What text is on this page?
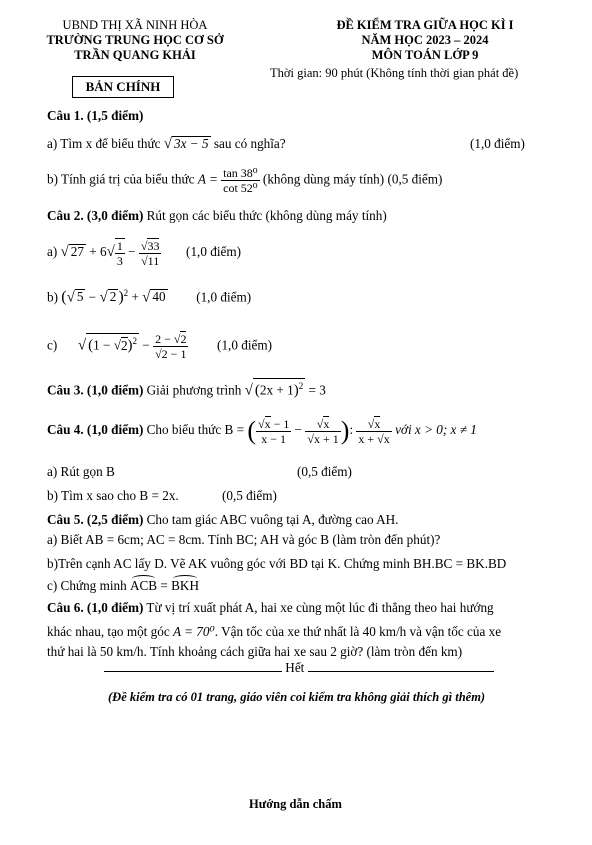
UBND THỊ XÃ NINH HÒA
TRƯỜNG TRUNG HỌC CƠ SỞ
TRẦN QUANG KHẢI
ĐỀ KIỂM TRA GIỮA HỌC KÌ I
NĂM HỌC 2023 – 2024
MÔN TOÁN LỚP 9
Thời gian: 90 phút (Không tính thời gian phát đề)
BẢN CHÍNH
Câu 1. (1,5 điểm)
a) Tìm x để biểu thức √ 3x − 5 sau có nghĩa?	(1,0 điểm)
b) Tính giá trị của biểu thức $A = \frac{\text{tan 38⁰}}{\text{cot 52⁰}}$ (không dùng máy tính) (0,5 điểm)
Câu 2. (3,0 điểm) Rút gọn các biểu thức (không dùng máy tính)
a) √ $27 + 6√ \frac{1}{3} - \frac{√33}{√11} (1,0$ điểm)
b) (√ 5 − √ 2 )$^2$ + √ 40 (1,0 điểm)
c) √ $(1 - √2)^2 - \frac{2 - √2}{√2 - 1} (1,0$ điểm)
Câu 3. (1,0 điểm) Giải phương trình √ $(2x + 1)^2 = 3$
Câu 4. (1,0 điểm) Cho biểu thức B = ( $\frac{√x - 1}{x - 1} - \frac{√x}{√x + 1}$ ): $\frac{√x}{x + √x}$ với x > 0; x ≠ 1
a) Rút gọn B	(0,5 điểm)
b) Tìm x sao cho B = 2x.	(0,5 điểm)
Câu 5. (2,5 điểm) Cho tam giác ABC vuông tại A, đường cao AH.
a) Biết AB = 6cm; AC = 8cm. Tính BC; AH và góc B (làm tròn đến phút)?
b)Trên cạnh AC lấy D. Vẽ AK vuông góc với BD tại K. Chứng minh BH.BC = BK.BD
c) Chứng minh ACB =
BKH
Câu 6. (1,0 điểm) Từ vị trí xuất phát A, hai xe cùng một lúc đi thẳng theo hai hướng
khác nhau, tạo một góc A = 70⁰. Vận tốc của xe thứ nhất là 40 km/h và vận tốc của xe
thứ hai là 50 km/h. Tính khoảng cách giữa hai xe sau 2 giờ? (làm tròn đến km)
Hết
(Đề kiểm tra có 01 trang, giáo viên coi kiểm tra không giải thích gì thêm)
Hướng dẫn chấm
